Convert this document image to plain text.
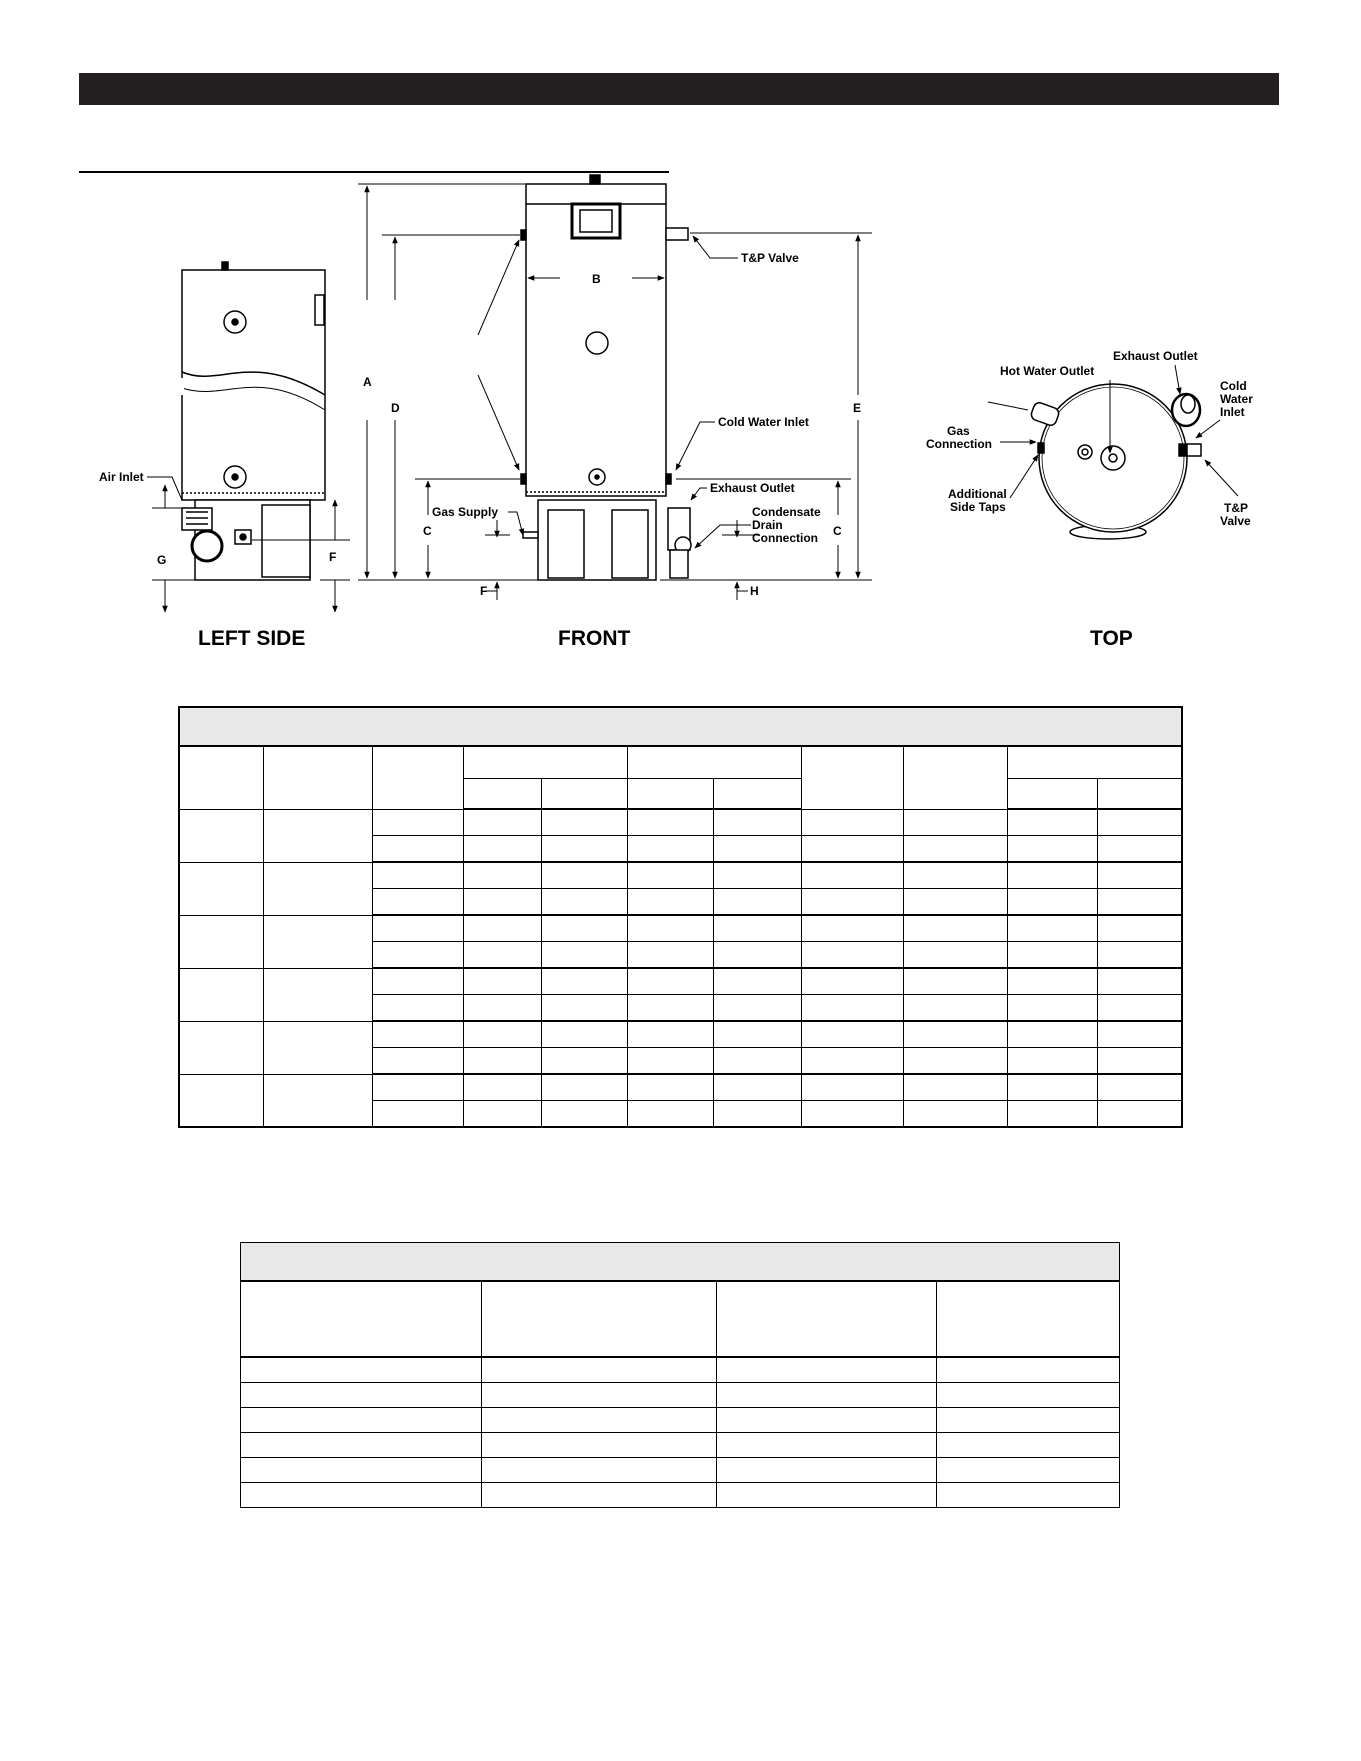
Air Inlet
G	F
A
D
C
B
T&P Valve
Cold Water Inlet
Exhaust Outlet
Condensate
Drain
Connection
Gas Supply
F	H
E
C
Hot Water Outlet
Exhaust Outlet
Cold
Water
Inlet
Gas
Connection
Additional
Side Taps	T&P
Valve
LEFT SIDE	FRONT	TOP
